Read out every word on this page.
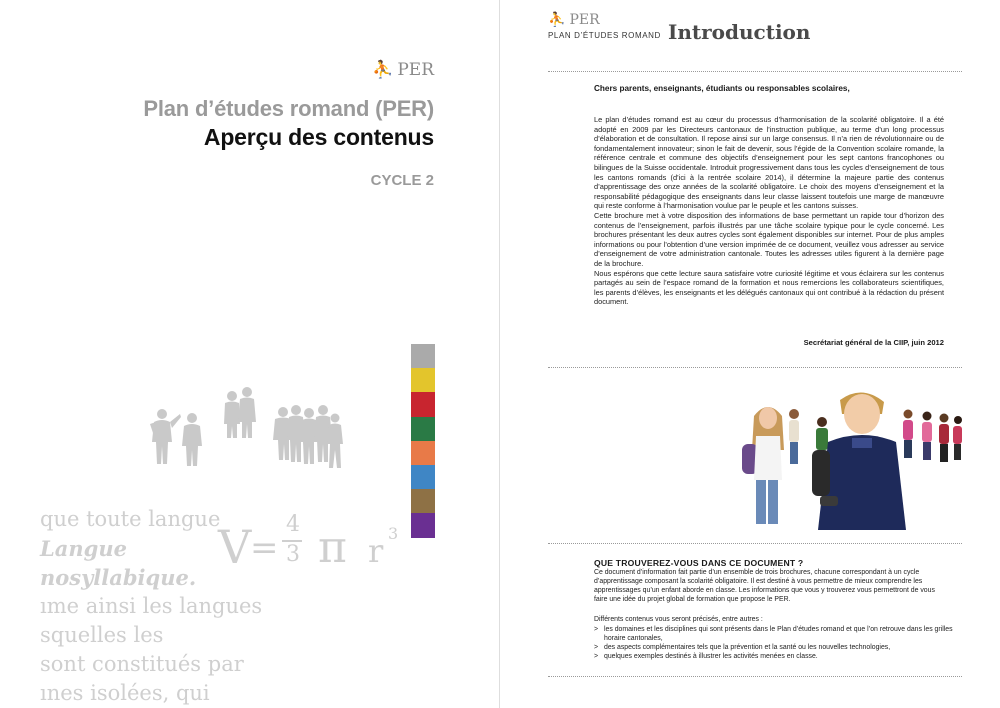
⛹ PER
Plan d’études romand (PER)
Aperçu des contenus
CYCLE 2
que toute langue
Langue
nosyllabique.
ıme ainsi les langues
squelles les
sont constitués par
ınes isolées, qui
V
=
4
3 π r 3
⛹ PER
PLAN D’ÉTUDES ROMAND Introduction
Chers parents, enseignants, étudiants ou responsables scolaires,

Le plan d’études romand est au cœur du processus d’harmonisation de la scolarité obligatoire. Il a été adopté en 2009 par les Directeurs cantonaux de l’instruction publique, au terme d’un long processus d’élaboration et de consultation. Il repose ainsi sur un large consensus. Il n’a rien de révolutionnaire ou de fondamentalement innovateur; sinon le fait de devenir, sous l’égide de la Convention scolaire romande, la référence centrale et commune des objectifs d’enseignement pour les sept cantons francophones ou bilingues de la Suisse occidentale. Introduit progressivement dans tous les cycles d’enseignement de tous les cantons romands (d’ici à la rentrée scolaire 2014), il détermine la majeure partie des contenus d’apprentissage des onze années de la scolarité obligatoire. Le choix des moyens d’enseignement et la responsabilité pédagogique des enseignants dans leur classe laissent toutefois une marge de manœuvre qui reste conforme à l’harmonisation voulue par le peuple et les cantons suisses.

Cette brochure met à votre disposition des informations de base permettant un rapide tour d’horizon des contenus de l’enseignement, parfois illustrés par une tâche scolaire typique pour le cycle concerné. Les brochures présentant les deux autres cycles sont également disponibles sur internet. Pour de plus amples informations ou pour l’obtention d’une version imprimée de ce document, veuillez vous adresser au service d’enseignement de votre administration cantonale. Toutes les adresses utiles figurent à la dernière page de la brochure.

Nous espérons que cette lecture saura satisfaire votre curiosité légitime et vous éclairera sur les contenus partagés au sein de l’espace romand de la formation et nous remercions les collaborateurs scientifiques, les parents d’élèves, les enseignants et les délégués cantonaux qui ont contribué à la rédaction du présent document.

Secrétariat général de la CIIP, juin 2012
QUE TROUVEREZ-VOUS DANS CE DOCUMENT ?
Ce document d’information fait partie d’un ensemble de trois brochures, chacune correspondant à un cycle d’apprentissage composant la scolarité obligatoire. Il est destiné à vous permettre de mieux comprendre les apprentissages qu’un enfant aborde en classe. Les informations que vous y trouverez vous permettront de vous faire une idée du projet global de formation que propose le PER.
Différents contenus vous seront précisés, entre autres :
> les domaines et les disciplines qui sont présents dans le Plan d’études romand et que l’on retrouve dans les grilles horaire cantonales,
> des aspects complémentaires tels que la prévention et la santé ou les nouvelles technologies,
> quelques exemples destinés à illustrer les activités menées en classe.
